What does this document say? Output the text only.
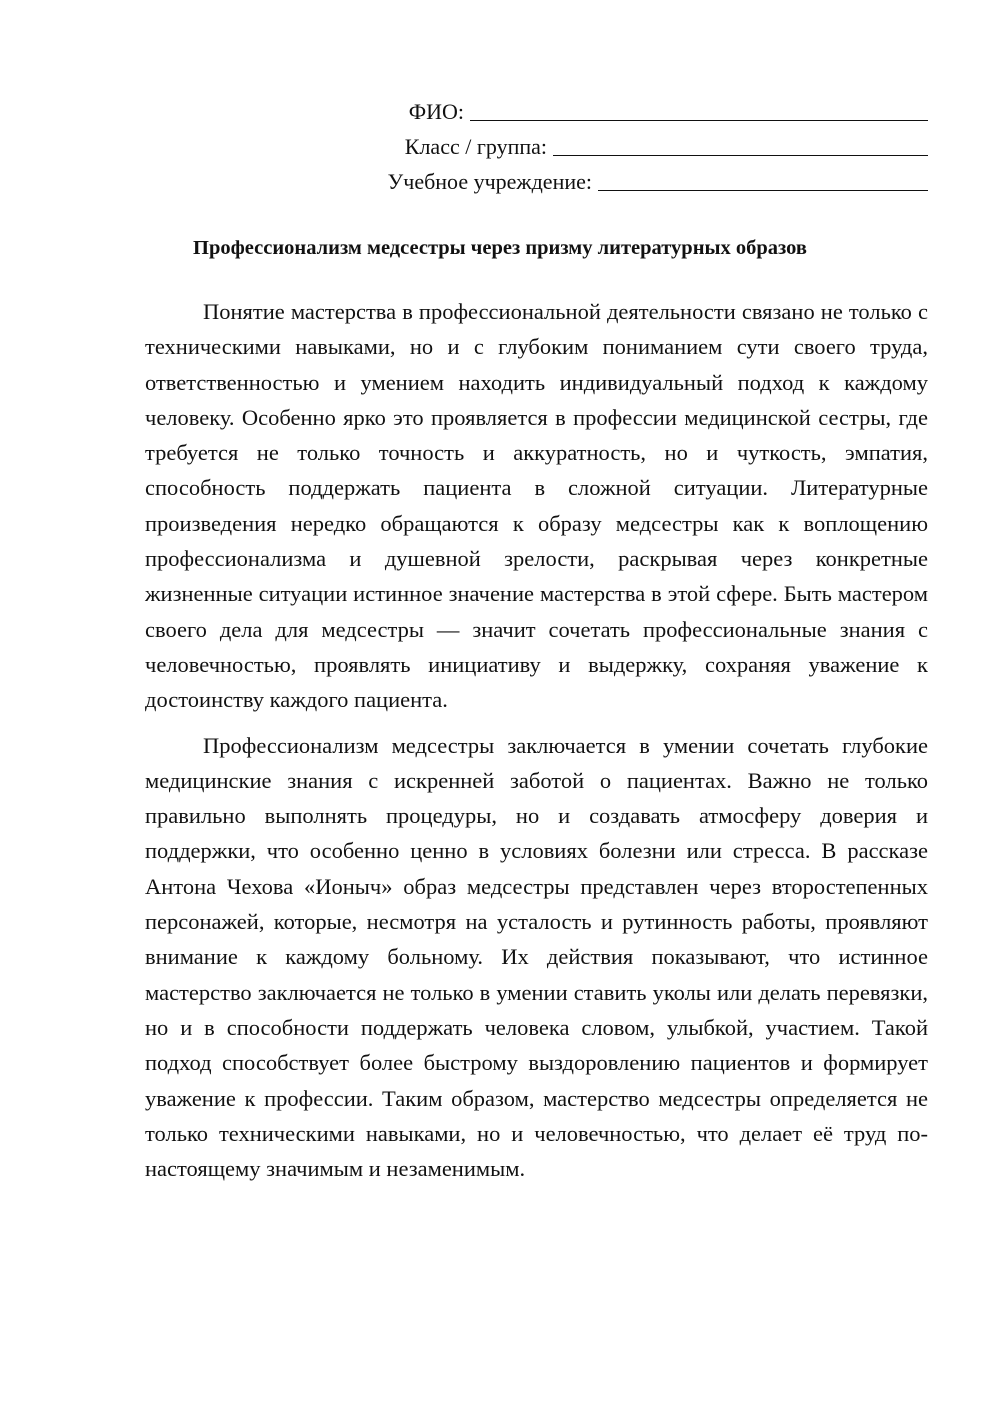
ФИО:
Класс / группа:
Учебное учреждение:
Профессионализм медсестры через призму литературных образов

Понятие мастерства в профессиональной деятельности связано не только с техническими навыками, но и с глубоким пониманием сути своего труда, ответственностью и умением находить индивидуальный подход к каждому человеку. Особенно ярко это проявляется в профессии медицинской сестры, где требуется не только точность и аккуратность, но и чуткость, эмпатия, способность поддержать пациента в сложной ситуации. Литературные произведения нередко обращаются к образу медсестры как к воплощению профессионализма и душевной зрелости, раскрывая через конкретные жизненные ситуации истинное значение мастерства в этой сфере. Быть мастером своего дела для медсестры — значит сочетать профессиональные знания с человечностью, проявлять инициативу и выдержку, сохраняя уважение к достоинству каждого пациента.

Профессионализм медсестры заключается в умении сочетать глубокие медицинские знания с искренней заботой о пациентах. Важно не только правильно выполнять процедуры, но и создавать атмосферу доверия и поддержки, что особенно ценно в условиях болезни или стресса. В рассказе Антона Чехова «Ионыч» образ медсестры представлен через второстепенных персонажей, которые, несмотря на усталость и рутинность работы, проявляют внимание к каждому больному. Их действия показывают, что истинное мастерство заключается не только в умении ставить уколы или делать перевязки, но и в способности поддержать человека словом, улыбкой, участием. Такой подход способствует более быстрому выздоровлению пациентов и формирует уважение к профессии. Таким образом, мастерство медсестры определяется не только техническими навыками, но и человечностью, что делает её труд по-настоящему значимым и незаменимым.
